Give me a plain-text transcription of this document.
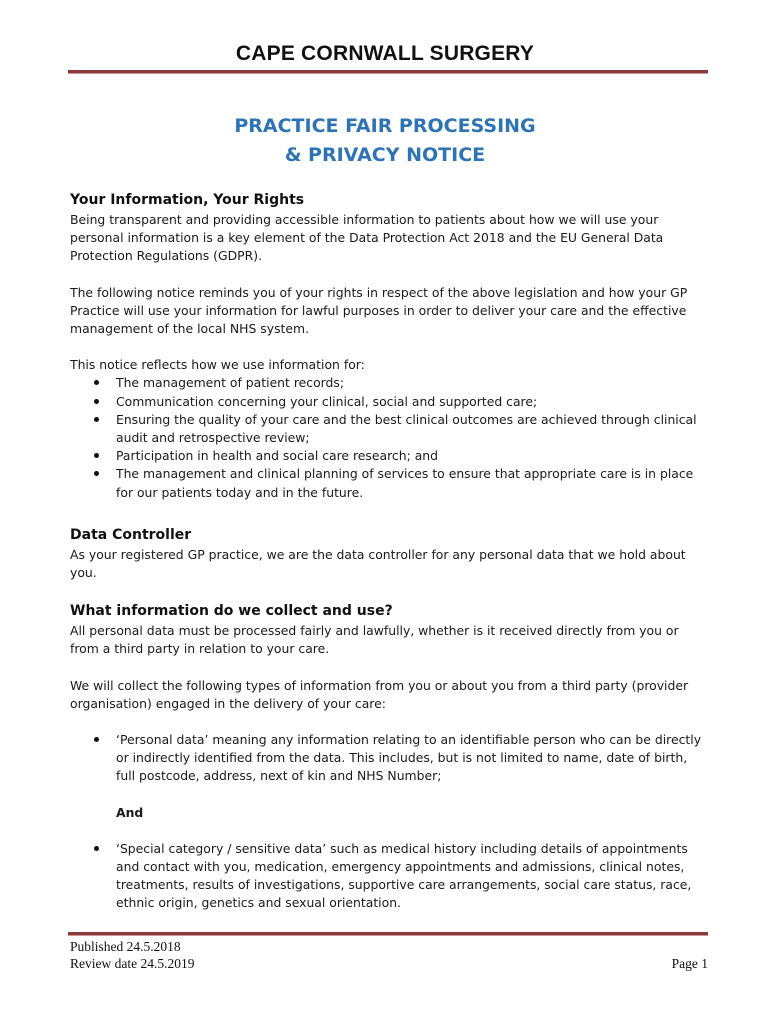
CAPE CORNWALL SURGERY
PRACTICE FAIR PROCESSING
& PRIVACY NOTICE
Your Information, Your Rights

Being transparent and providing accessible information to patients about how we will use your personal information is a key element of the Data Protection Act 2018 and the EU General Data Protection Regulations (GDPR).

The following notice reminds you of your rights in respect of the above legislation and how your GP Practice will use your information for lawful purposes in order to deliver your care and the effective management of the local NHS system.

This notice reflects how we use information for:

The management of patient records;
Communication concerning your clinical, social and supported care;
Ensuring the quality of your care and the best clinical outcomes are achieved through clinical audit and retrospective review;
Participation in health and social care research; and
The management and clinical planning of services to ensure that appropriate care is in place for our patients today and in the future.
Data Controller

As your registered GP practice, we are the data controller for any personal data that we hold about you.

What information do we collect and use?

All personal data must be processed fairly and lawfully, whether is it received directly from you or from a third party in relation to your care.

We will collect the following types of information from you or about you from a third party (provider organisation) engaged in the delivery of your care:

‘Personal data’ meaning any information relating to an identifiable person who can be directly or indirectly identified from the data. This includes, but is not limited to name, date of birth, full postcode, address, next of kin and NHS Number;
And
‘Special category / sensitive data’ such as medical history including details of appointments and contact with you, medication, emergency appointments and admissions, clinical notes, treatments, results of investigations, supportive care arrangements, social care status, race, ethnic origin, genetics and sexual orientation.
Published 24.5.2018
Review date 24.5.2019	Page 1
